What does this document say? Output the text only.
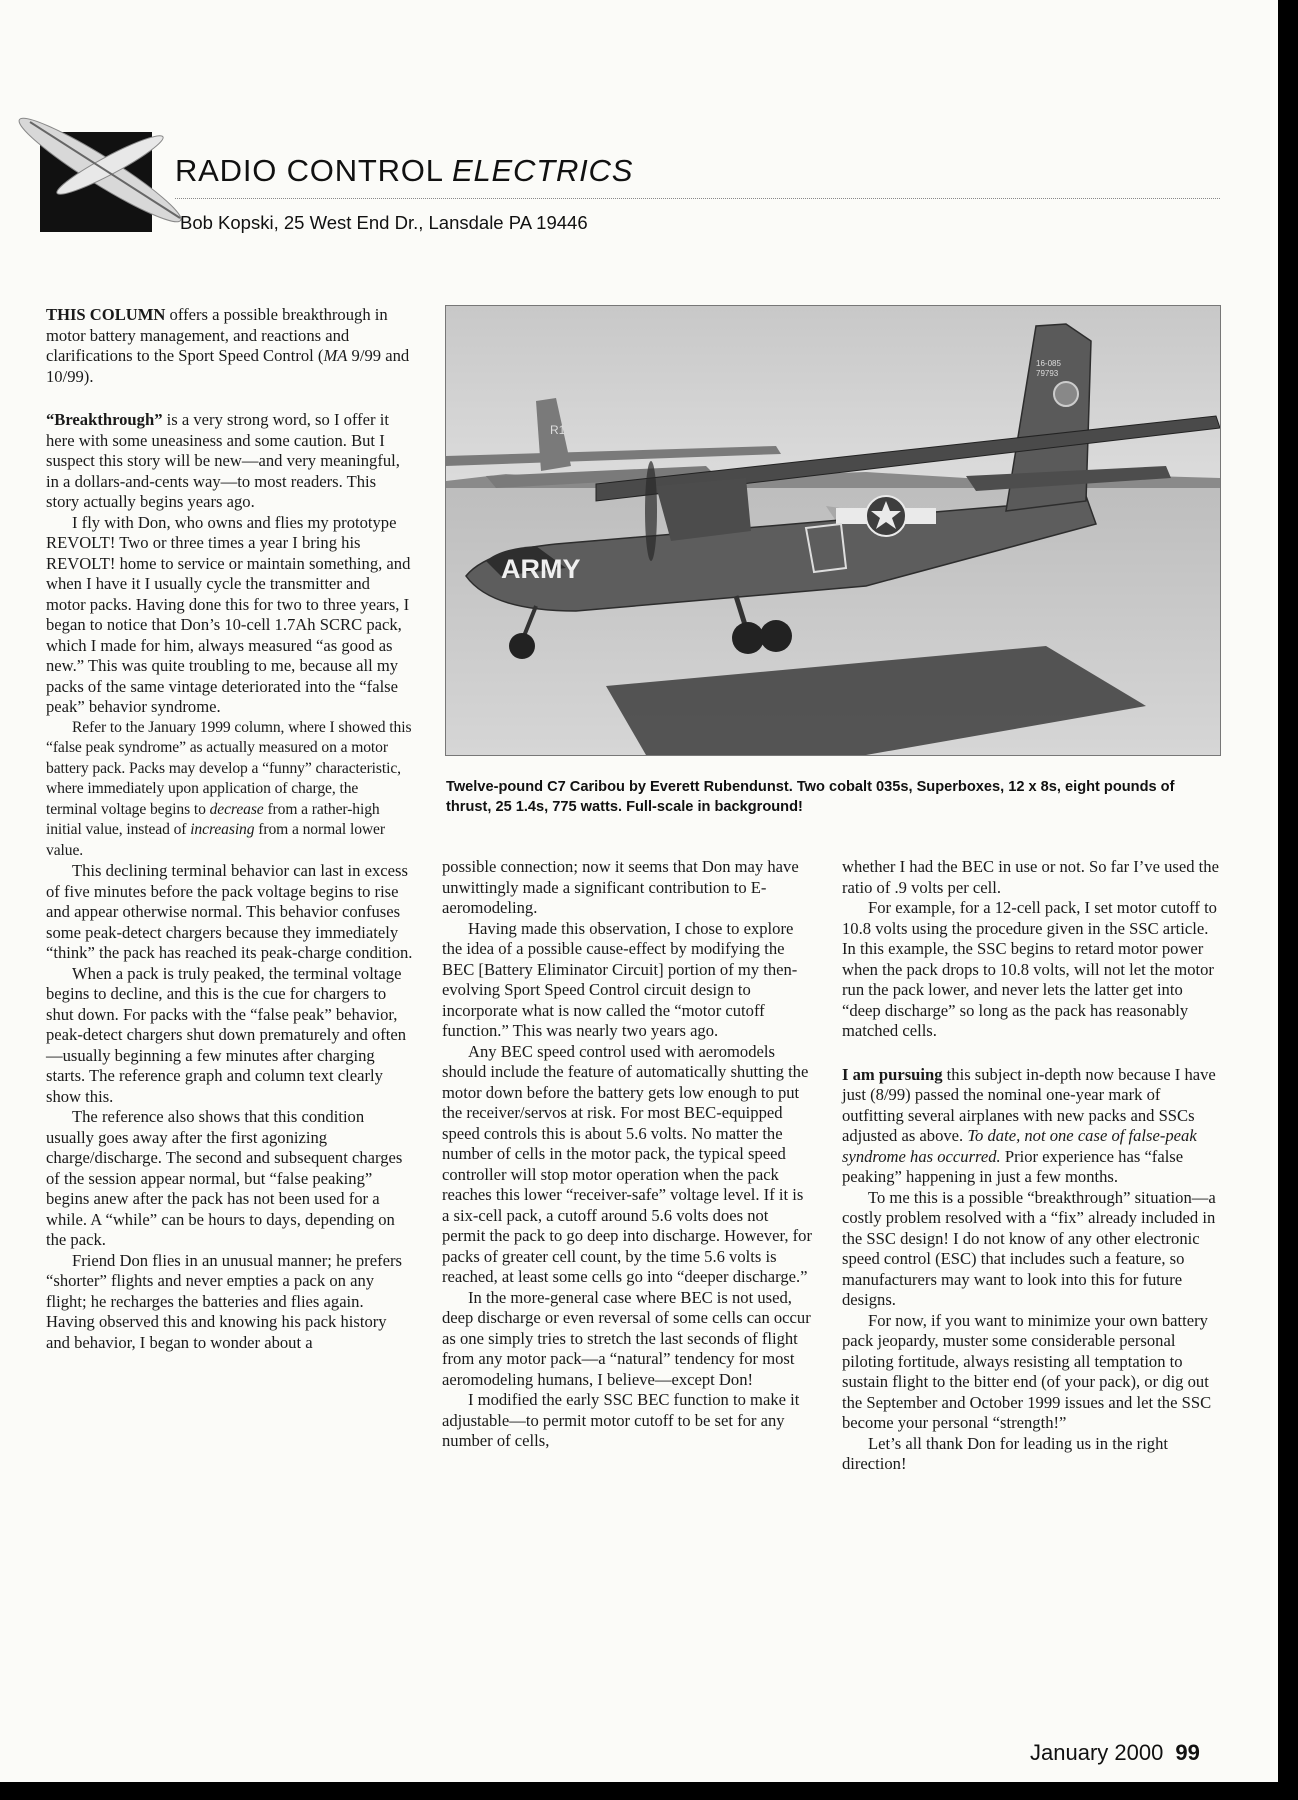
RADIO CONTROL ELECTRICS
Bob Kopski, 25 West End Dr., Lansdale PA 19446

THIS COLUMN offers a possible breakthrough in motor battery management, and reactions and clarifications to the Sport Speed Control (MA 9/99 and 10/99).

“Breakthrough” is a very strong word, so I offer it here with some uneasiness and some caution. But I suspect this story will be new—and very meaningful, in a dollars-and-cents way—to most readers. This story actually begins years ago.

I fly with Don, who owns and flies my prototype REVOLT! Two or three times a year I bring his REVOLT! home to service or maintain something, and when I have it I usually cycle the transmitter and motor packs. Having done this for two to three years, I began to notice that Don’s 10-cell 1.7Ah SCRC pack, which I made for him, always measured “as good as new.” This was quite troubling to me, because all my packs of the same vintage deteriorated into the “false peak” behavior syndrome.

Refer to the January 1999 column, where I showed this “false peak syndrome” as actually measured on a motor battery pack. Packs may develop a “funny” characteristic, where immediately upon application of charge, the terminal voltage begins to decrease from a rather-high initial value, instead of increasing from a normal lower value.

This declining terminal behavior can last in excess of five minutes before the pack voltage begins to rise and appear otherwise normal. This behavior confuses some peak-detect chargers because they immediately “think” the pack has reached its peak-charge condition.

When a pack is truly peaked, the terminal voltage begins to decline, and this is the cue for chargers to shut down. For packs with the “false peak” behavior, peak-detect chargers shut down prematurely and often—usually beginning a few minutes after charging starts. The reference graph and column text clearly show this.

The reference also shows that this condition usually goes away after the first agonizing charge/discharge. The second and subsequent charges of the session appear normal, but “false peaking” begins anew after the pack has not been used for a while. A “while” can be hours to days, depending on the pack.

Friend Don flies in an unusual manner; he prefers “shorter” flights and never empties a pack on any flight; he recharges the batteries and flies again. Having observed this and knowing his pack history and behavior, I began to wonder about a

R1
16-085
79793
ARMY
Twelve-pound C7 Caribou by Everett Rubendunst. Two cobalt 035s, Superboxes, 12 x 8s, eight pounds of thrust, 25 1.4s, 775 watts. Full-scale in background!

possible connection; now it seems that Don may have unwittingly made a significant contribution to E-aeromodeling.

Having made this observation, I chose to explore the idea of a possible cause-effect by modifying the BEC [Battery Eliminator Circuit] portion of my then-evolving Sport Speed Control circuit design to incorporate what is now called the “motor cutoff function.” This was nearly two years ago.

Any BEC speed control used with aeromodels should include the feature of automatically shutting the motor down before the battery gets low enough to put the receiver/servos at risk. For most BEC-equipped speed controls this is about 5.6 volts. No matter the number of cells in the motor pack, the typical speed controller will stop motor operation when the pack reaches this lower “receiver-safe” voltage level. If it is a six-cell pack, a cutoff around 5.6 volts does not permit the pack to go deep into discharge. However, for packs of greater cell count, by the time 5.6 volts is reached, at least some cells go into “deeper discharge.”

In the more-general case where BEC is not used, deep discharge or even reversal of some cells can occur as one simply tries to stretch the last seconds of flight from any motor pack—a “natural” tendency for most aeromodeling humans, I believe—except Don!

I modified the early SSC BEC function to make it adjustable—to permit motor cutoff to be set for any number of cells,

whether I had the BEC in use or not. So far I’ve used the ratio of .9 volts per cell.

For example, for a 12-cell pack, I set motor cutoff to 10.8 volts using the procedure given in the SSC article. In this example, the SSC begins to retard motor power when the pack drops to 10.8 volts, will not let the motor run the pack lower, and never lets the latter get into “deep discharge” so long as the pack has reasonably matched cells.

I am pursuing this subject in-depth now because I have just (8/99) passed the nominal one-year mark of outfitting several airplanes with new packs and SSCs adjusted as above. To date, not one case of false-peak syndrome has occurred. Prior experience has “false peaking” happening in just a few months.

To me this is a possible “breakthrough” situation—a costly problem resolved with a “fix” already included in the SSC design! I do not know of any other electronic speed control (ESC) that includes such a feature, so manufacturers may want to look into this for future designs.

For now, if you want to minimize your own battery pack jeopardy, muster some considerable personal piloting fortitude, always resisting all temptation to sustain flight to the bitter end (of your pack), or dig out the September and October 1999 issues and let the SSC become your personal “strength!”

Let’s all thank Don for leading us in the right direction!

January 2000 99
